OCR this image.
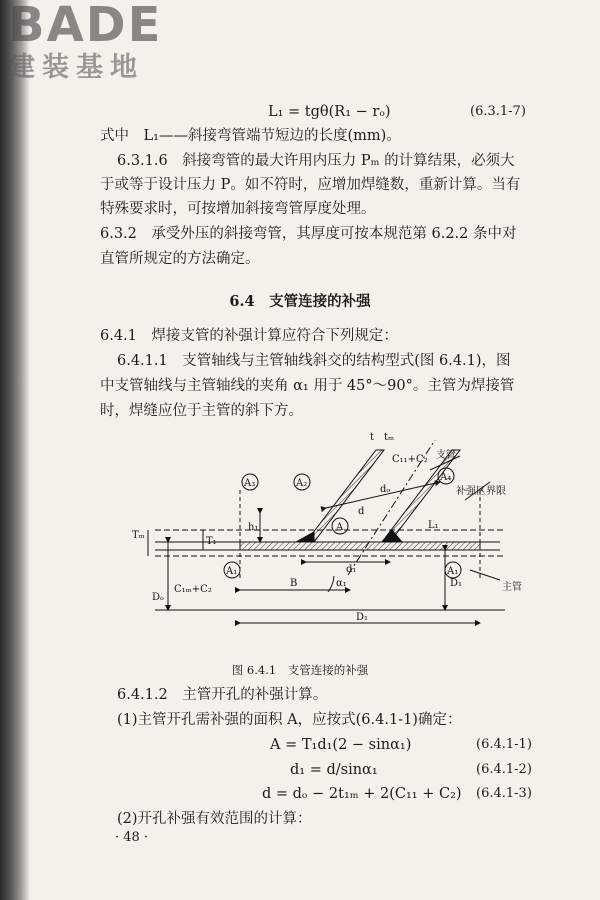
BADE
建装基地
L₁ = tgθ(R₁ − rₒ)	(6.3.1-7)
式中　L₁——斜接弯管端节短边的长度(mm)。
6.3.1.6　斜接弯管的最大许用内压力 Pₘ 的计算结果，必须大
于或等于设计压力 P。如不符时，应增加焊缝数，重新计算。当有
特殊要求时，可按增加斜接弯管厚度处理。
6.3.2　承受外压的斜接弯管，其厚度可按本规范第 6.2.2 条中对
直管所规定的方法确定。
6.4　支管连接的补强
6.4.1　焊接支管的补强计算应符合下列规定：
6.4.1.1　支管轴线与主管轴线斜交的结构型式(图 6.4.1)，图
中支管轴线与主管轴线的夹角 α₁ 用于 45°～90°。主管为焊接管
时，焊缝应位于主管的斜下方。
支管
补强区界限
主管
A₁	A₁
A₂
A₃
A₄
A
t tₘ
C₁₁+C₂
dₒ
d
d₁
h₁	L₁
T₁
Tₘ
Dₒ
C₁ₘ+C₂
B	α₁	D₁
D₁
图 6.4.1　支管连接的补强
6.4.1.2　主管开孔的补强计算。
(1)主管开孔需补强的面积 A，应按式(6.4.1-1)确定：
A = T₁d₁(2 − sinα₁)	(6.4.1-1)
d₁ = d/sinα₁	(6.4.1-2)
d = dₒ − 2t₁ₘ + 2(C₁₁ + C₂) (6.4.1-3)
(2)开孔补强有效范围的计算：
· 48 ·
